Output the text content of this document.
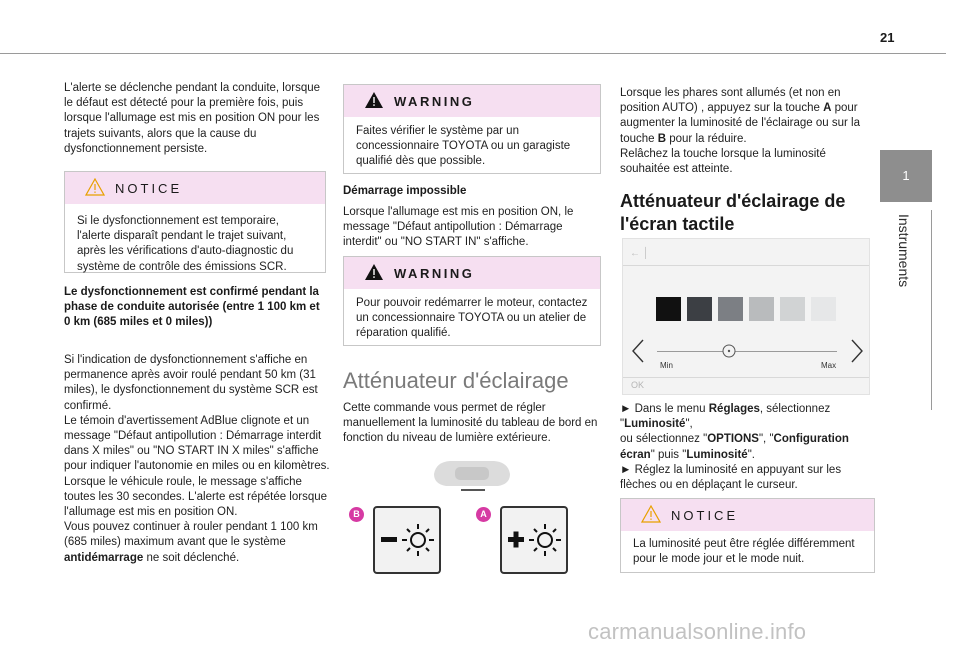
21
1
Instruments
L'alerte se déclenche pendant la conduite, lorsque le défaut est détecté pour la première fois, puis lorsque l'allumage est mis en position ON pour les trajets suivants, alors que la cause du dysfonctionnement persiste.
NOTICE
Si le dysfonctionnement est temporaire, l'alerte disparaît pendant le trajet suivant, après les vérifications d'auto-diagnostic du système de contrôle des émissions SCR.
Le dysfonctionnement est confirmé pendant la phase de conduite autorisée (entre 1 100 km et 0 km (685 miles et 0 miles))
Si l'indication de dysfonctionnement s'affiche en permanence après avoir roulé pendant 50 km (31 miles), le dysfonctionnement du système SCR est confirmé.
Le témoin d'avertissement AdBlue clignote et un message "Défaut antipollution : Démarrage interdit dans X miles" ou "NO START IN X miles" s'affiche pour indiquer l'autonomie en miles ou en kilomètres.
Lorsque le véhicule roule, le message s'affiche toutes les 30 secondes. L'alerte est répétée lorsque l'allumage est mis en position ON.
Vous pouvez continuer à rouler pendant 1 100 km (685 miles) maximum avant que le système antidémarrage ne soit déclenché.
WARNING
Faites vérifier le système par un concessionnaire TOYOTA ou un garagiste qualifié dès que possible.
Démarrage impossible
Lorsque l'allumage est mis en position ON, le message "Défaut antipollution : Démarrage interdit" ou "NO START IN" s'affiche.
WARNING
Pour pouvoir redémarrer le moteur, contactez un concessionnaire TOYOTA ou un atelier de réparation qualifié.
Atténuateur d'éclairage
Cette commande vous permet de régler manuellement la luminosité du tableau de bord en fonction du niveau de lumière extérieure.
B	A
Lorsque les phares sont allumés (et non en position AUTO) , appuyez sur la touche A pour augmenter la luminosité de l'éclairage ou sur la touche B pour la réduire.
Relâchez la touche lorsque la luminosité souhaitée est atteinte.
Atténuateur d'éclairage de l'écran tactile
← │
Min	Max
OK
► Dans le menu Réglages, sélectionnez "Luminosité",
ou sélectionnez "OPTIONS", "Configuration écran" puis "Luminosité".
► Réglez la luminosité en appuyant sur les flèches ou en déplaçant le curseur.
NOTICE
La luminosité peut être réglée différemment pour le mode jour et le mode nuit.
carmanualsonline.info
